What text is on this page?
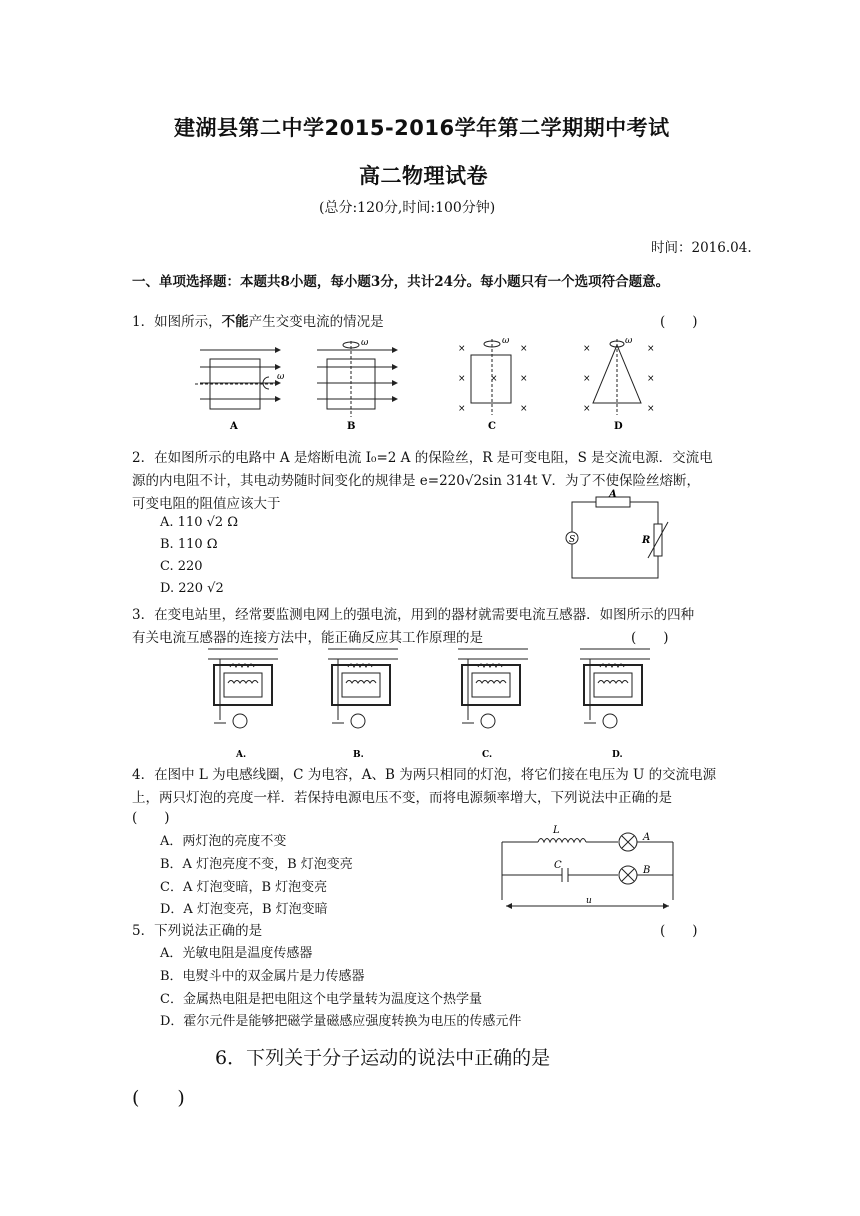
建湖县第二中学2015-2016学年第二学期期中考试
高二物理试卷
(总分:120分,时间:100分钟)
时间：2016.04.
一、单项选择题：本题共8小题，每小题3分，共计24分。每小题只有一个选项符合题意。
1．如图所示，不能产生交变电流的情况是	(　　)
ω
A
ω
B
×	×
×	× ×
×	×
ω
C
×	×
×	×
×	×
ω
D
2．在如图所示的电路中 A 是熔断电流 I₀=2 A 的保险丝，R 是可变电阻，S 是交流电源．交流电
源的内电阻不计，其电动势随时间变化的规律是 e=220√2sin 314t V．为了不使保险丝熔断，
可变电阻的阻值应该大于
A. 110 √2 Ω
B. 110 Ω
C. 220
D. 220 √2
A
R
S
3．在变电站里，经常要监测电网上的强电流，用到的器材就需要电流互感器．如图所示的四种
有关电流互感器的连接方法中，能正确反应其工作原理的是	(　　)
A.	B.	C.	D.
4．在图中 L 为电感线圈，C 为电容，A、B 为两只相同的灯泡，将它们接在电压为 U 的交流电源
上，两只灯泡的亮度一样．若保持电源电压不变，而将电源频率增大，下列说法中正确的是
(　　)
A．两灯泡的亮度不变
B．A 灯泡亮度不变，B 灯泡变亮
C．A 灯泡变暗，B 灯泡变亮
D．A 灯泡变亮，B 灯泡变暗
L
A
C	B
u
5．下列说法正确的是	(　　)
A．光敏电阻是温度传感器
B．电熨斗中的双金属片是力传感器
C．金属热电阻是把电阻这个电学量转为温度这个热学量
D．霍尔元件是能够把磁学量磁感应强度转换为电压的传感元件
6．下列关于分子运动的说法中正确的是
(　　)
